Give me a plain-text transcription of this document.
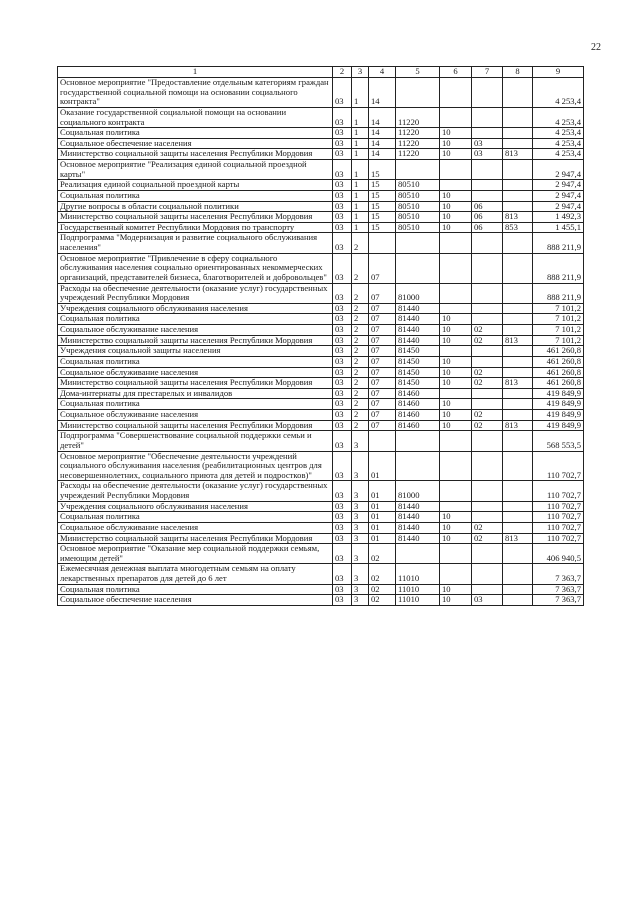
22
1	2	3	4	5	6	7	8	9
Основное мероприятие "Предоставление отдельным категориям граждан государственной социальной помощи на основании социального контракта"	03	1	14					4 253,4
Оказание государственной социальной помощи на основании социального контракта	03	1	14	11220				4 253,4
Социальная политика	03	1	14	11220	10			4 253,4
Социальное обеспечение населения	03	1	14	11220	10	03		4 253,4
Министерство социальной защиты населения Республики Мордовия	03	1	14	11220	10	03	813	4 253,4
Основное мероприятие "Реализация единой социальной проездной карты"	03	1	15					2 947,4
Реализация единой социальной проездной карты	03	1	15	80510				2 947,4
Социальная политика	03	1	15	80510	10			2 947,4
Другие вопросы в области социальной политики	03	1	15	80510	10	06		2 947,4
Министерство социальной защиты населения Республики Мордовия	03	1	15	80510	10	06	813	1 492,3
Государственный комитет Республики Мордовия по транспорту	03	1	15	80510	10	06	853	1 455,1
Подпрограмма "Модернизация и развитие социального обслуживания населения"	03	2						888 211,9
Основное мероприятие "Привлечение в сферу социального обслуживания населения социально ориентированных некоммерческих организаций, представителей бизнеса, благотворителей и добровольцев"	03	2	07					888 211,9
Расходы на обеспечение деятельности (оказание услуг) государственных учреждений Республики Мордовия	03	2	07	81000				888 211,9
Учреждения социального обслуживания населения	03	2	07	81440				7 101,2
Социальная политика	03	2	07	81440	10			7 101,2
Социальное обслуживание населения	03	2	07	81440	10	02		7 101,2
Министерство социальной защиты населения Республики Мордовия	03	2	07	81440	10	02	813	7 101,2
Учреждения социальной защиты населения	03	2	07	81450				461 260,8
Социальная политика	03	2	07	81450	10			461 260,8
Социальное обслуживание населения	03	2	07	81450	10	02		461 260,8
Министерство социальной защиты населения Республики Мордовия	03	2	07	81450	10	02	813	461 260,8
Дома-интернаты для престарелых и инвалидов	03	2	07	81460				419 849,9
Социальная политика	03	2	07	81460	10			419 849,9
Социальное обслуживание населения	03	2	07	81460	10	02		419 849,9
Министерство социальной защиты населения Республики Мордовия	03	2	07	81460	10	02	813	419 849,9
Подпрограмма "Совершенствование социальной поддержки семьи и детей"	03	3						568 553,5
Основное мероприятие "Обеспечение деятельности учреждений социального обслуживания населения (реабилитационных центров для несовершеннолетних, социального приюта для детей и подростков)"	03	3	01					110 702,7
Расходы на обеспечение деятельности (оказание услуг) государственных учреждений Республики Мордовия	03	3	01	81000				110 702,7
Учреждения социального обслуживания населения	03	3	01	81440				110 702,7
Социальная политика	03	3	01	81440	10			110 702,7
Социальное обслуживание населения	03	3	01	81440	10	02		110 702,7
Министерство социальной защиты населения Республики Мордовия	03	3	01	81440	10	02	813	110 702,7
Основное мероприятие "Оказание мер социальной поддержки семьям, имеющим детей"	03	3	02					406 940,5
Ежемесячная денежная выплата многодетным семьям на оплату лекарственных препаратов для детей до 6 лет	03	3	02	11010				7 363,7
Социальная политика	03	3	02	11010	10			7 363,7
Социальное обеспечение населения	03	3	02	11010	10	03		7 363,7
